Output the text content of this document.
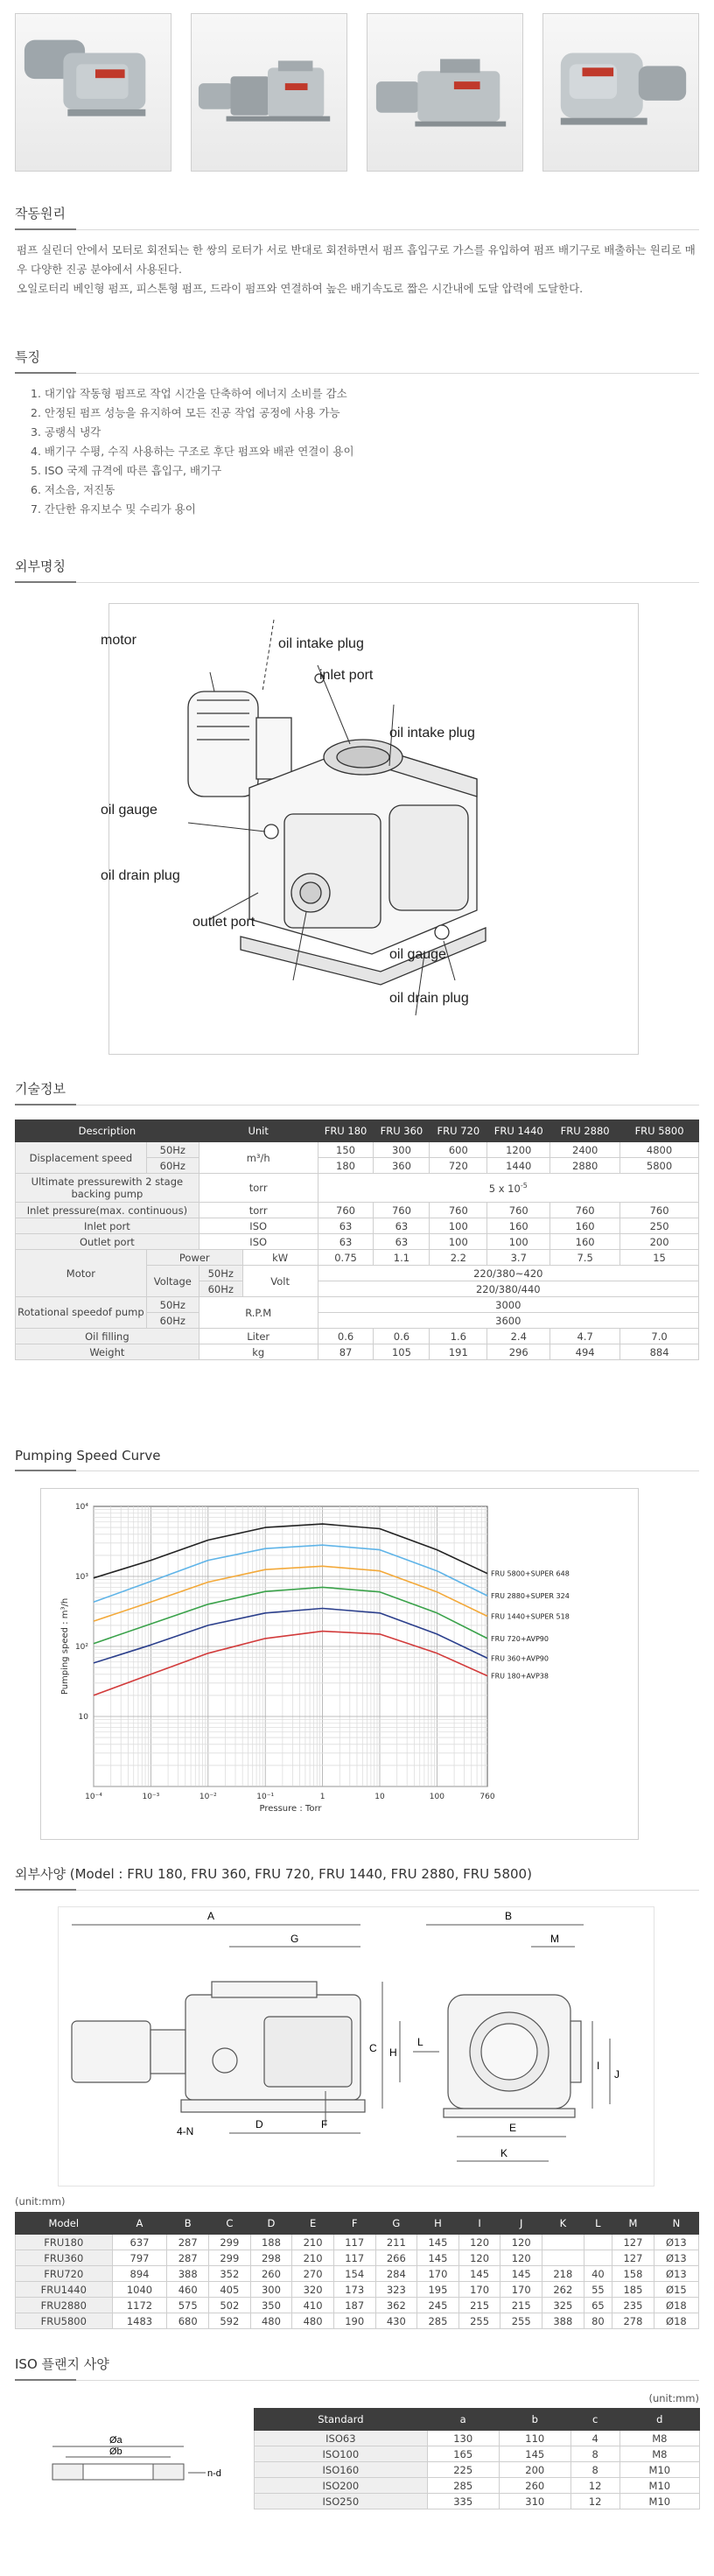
작동원리
펌프 실린더 안에서 모터로 회전되는 한 쌍의 로터가 서로 반대로 회전하면서 펌프 흡입구로 가스를 유입하여 펌프 배기구로 배출하는 원리로 매
우 다양한 진공 분야에서 사용된다.
오일로터리 베인형 펌프, 피스톤형 펌프, 드라이 펌프와 연결하여 높은 배기속도로 짧은 시간내에 도달 압력에 도달한다.
특징
1. 대기압 작동형 펌프로 작업 시간을 단축하여 에너지 소비를 감소
2. 안정된 펌프 성능을 유지하여 모든 진공 작업 공정에 사용 가능
3. 공랭식 냉각
4. 배기구 수평, 수직 사용하는 구조로 후단 펌프와 배관 연결이 용이
5. ISO 국제 규격에 따른 흡입구, 배기구
6. 저소음, 저진동
7. 간단한 유지보수 및 수리가 용이
외부명칭
motor	oil intake plug
inlet port
oil intake plug
oil gauge
oil drain plug
outlet port
oil gauge
oil drain plug
기술정보
Description		Unit		FRU 180	FRU 360	FRU 720	FRU 1440	FRU 2880	FRU 5800
Displacement speed	50Hz	m³/h		150	300	600	1200	2400	4800
	60Hz			180	360	720	1440	2880	5800
Ultimate pressurewith 2 stage backing pump		torr		5 x $10^{-5}$
Inlet pressure(max. continuous)		torr		760	760	760	760	760	760
Inlet port		ISO		63	63	100	160	160	250
Outlet port		ISO		63	63	100	100	160	200
Motor	Power		kW	0.75	1.1	2.2	3.7	7.5	15
	Voltage	50Hz	Volt	220/380~420					
		60Hz		220/380/440					
Rotational speedof pump	50Hz	R.P.M		3000					
	60Hz			3600					
Oil filling		Liter		0.6	0.6	1.6	2.4	4.7	7.0
Weight		kg		87	105	191	296	494	884
Pumping Speed Curve
10⁻⁴	10⁻³	10⁻²	10⁻¹	1	10	100	760
10⁴
10³
10²
10
Pressure : Torr
Pumping speed : m³/h
FRU 5800+SUPER 648
FRU 2880+SUPER 324
FRU 1440+SUPER 518
FRU 720+AVP90
FRU 360+AVP90
FRU 180+AVP38
외부사양 (Model : FRU 180, FRU 360, FRU 720, FRU 1440, FRU 2880, FRU 5800)
A
G
D	F
4-N
C H
L
B
M
I
J
E
K
(unit:mm)
Model	A	B	C	D	E	F	G	H	I	J	K	L	M	N
FRU180	637	287	299	188	210	117	211	145	120	120			127	Ø13
FRU360	797	287	299	298	210	117	266	145	120	120			127	Ø13
FRU720	894	388	352	260	270	154	284	170	145	145	218	40	158	Ø13
FRU1440	1040	460	405	300	320	173	323	195	170	170	262	55	185	Ø15
FRU2880	1172	575	502	350	410	187	362	245	215	215	325	65	235	Ø18
FRU5800	1483	680	592	480	480	190	430	285	255	255	388	80	278	Ø18
ISO 플랜지 사양
(unit:mm)
Øa
Øb
n-d
Standard	a	b	c	d
ISO63	130	110	4	M8
ISO100	165	145	8	M8
ISO160	225	200	8	M10
ISO200	285	260	12	M10
ISO250	335	310	12	M10
